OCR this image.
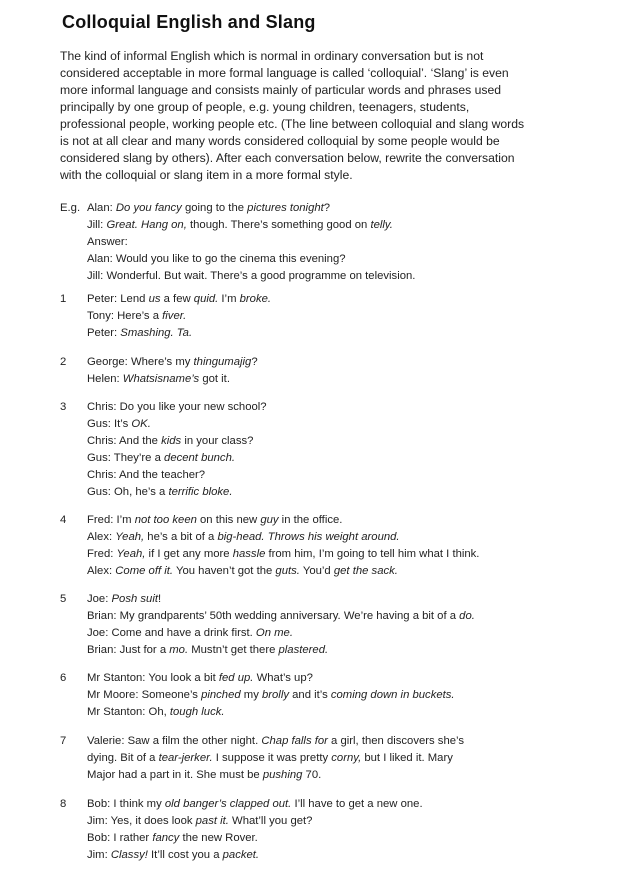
Colloquial English and Slang

The kind of informal English which is normal in ordinary conversation but is not considered acceptable in more formal language is called ‘colloquial’. ‘Slang’ is even more informal language and consists mainly of particular words and phrases used principally by one group of people, e.g. young children, teenagers, students, professional people, working people etc. (The line between colloquial and slang words is not at all clear and many words considered colloquial by some people would be considered slang by others). After each conversation below, rewrite the conversation with the colloquial or slang item in a more formal style.

E.g. Alan: Do you fancy going to the pictures tonight?
Jill: Great. Hang on, though. There’s something good on telly.
Answer:
Alan: Would you like to go the cinema this evening?
Jill: Wonderful. But wait. There’s a good programme on television.
1	Peter: Lend us a few quid. I’m broke.
Tony: Here’s a fiver.
Peter: Smashing. Ta.
2	George: Where’s my thingumajig?
Helen: Whatsisname’s got it.
3	Chris: Do you like your new school?
Gus: It’s OK.
Chris: And the kids in your class?
Gus: They’re a decent bunch.
Chris: And the teacher?
Gus: Oh, he’s a terrific bloke.
4	Fred: I’m not too keen on this new guy in the office.
Alex: Yeah, he’s a bit of a big-head. Throws his weight around.
Fred: Yeah, if I get any more hassle from him, I’m going to tell him what I think.
Alex: Come off it. You haven’t got the guts. You’d get the sack.
5	Joe: Posh suit!
Brian: My grandparents’ 50th wedding anniversary. We’re having a bit of a do.
Joe: Come and have a drink first. On me.
Brian: Just for a mo. Mustn’t get there plastered.
6	Mr Stanton: You look a bit fed up. What’s up?
Mr Moore: Someone’s pinched my brolly and it’s coming down in buckets.
Mr Stanton: Oh, tough luck.
7	Valerie: Saw a film the other night. Chap falls for a girl, then discovers she’s
dying. Bit of a tear-jerker. I suppose it was pretty corny, but I liked it. Mary
Major had a part in it. She must be pushing 70.
8	Bob: I think my old banger’s clapped out. I’ll have to get a new one.
Jim: Yes, it does look past it. What’ll you get?
Bob: I rather fancy the new Rover.
Jim: Classy! It’ll cost you a packet.
